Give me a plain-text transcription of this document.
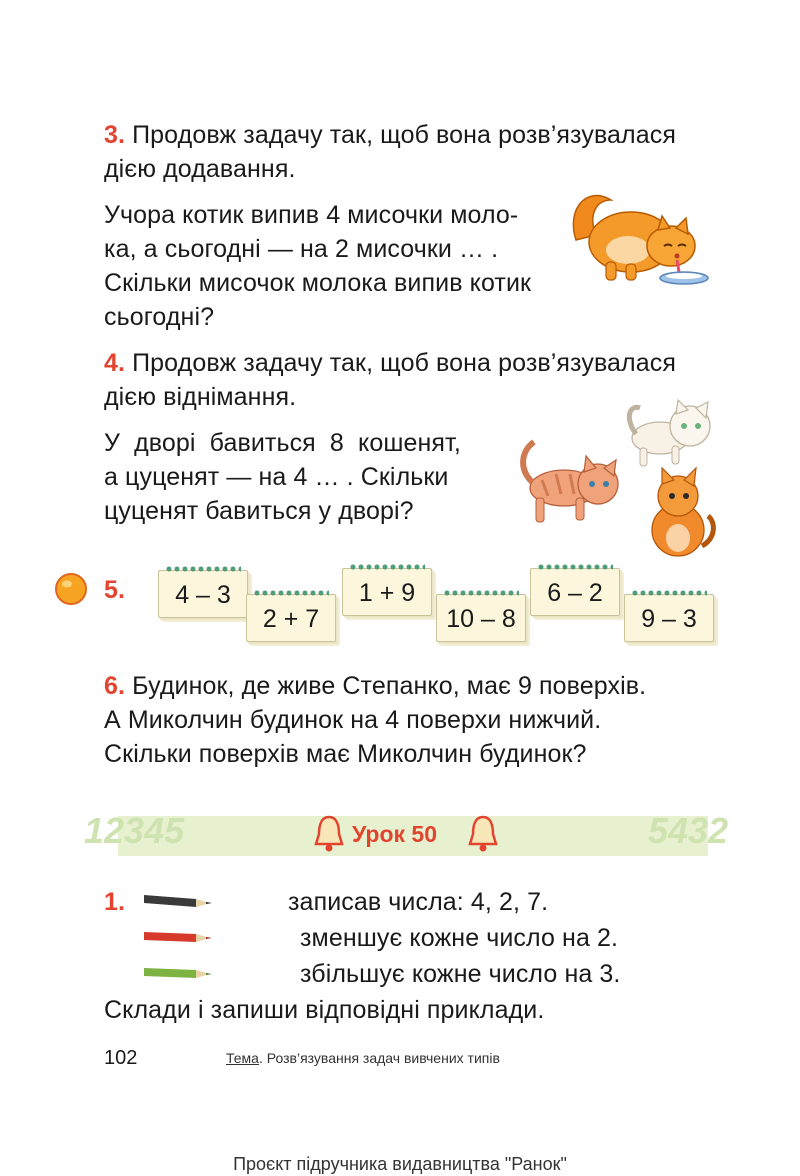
3. Продовж задачу так, щоб вона розв’язувалася
дією додавання.
Учора котик випив 4 мисочки моло-
ка, а сьогодні — на 2 мисочки … .
Скільки мисочок молока випив котик
сьогодні?
4. Продовж задачу так, щоб вона розв’язувалася
дією віднімання.
У  дворі  бавиться  8  кошенят,
а цуценят — на 4 … . Скільки
цуценят бавиться у дворі?
5.	4 – 3
2 + 7
1 + 9
10 – 8
6 – 2
9 – 3
6. Будинок, де живе Степанко, має 9 поверхів.
А Миколчин будинок на 4 поверхи нижчий.
Скільки поверхів має Миколчин будинок?
12345	5432
Урок 50
1.	записав числа: 4, 2, 7.
зменшує кожне число на 2.
збільшує кожне число на 3.
Склади і запиши відповідні приклади.
102	Тема. Розв’язування задач вивчених типів
Проєкт підручника видавництва "Ранок"
